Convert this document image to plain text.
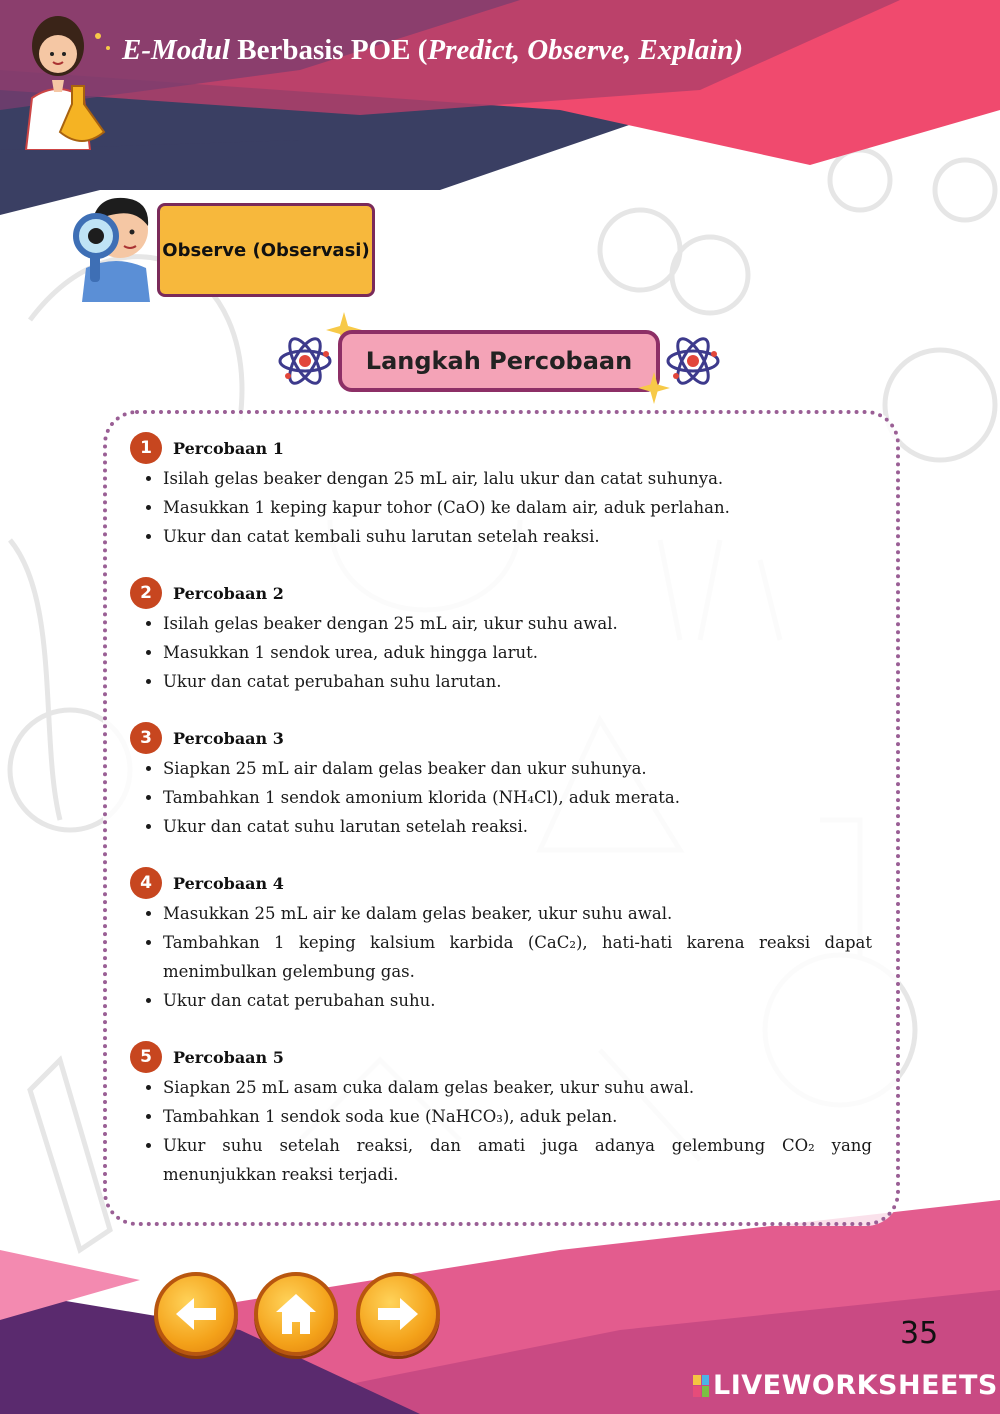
E-Modul Berbasis POE (Predict, Observe, Explain)
Observe (Observasi)
Langkah Percobaan
1	Percobaan 1
• Isilah gelas beaker dengan 25 mL air, lalu ukur dan catat suhunya.
• Masukkan 1 keping kapur tohor (CaO) ke dalam air, aduk perlahan.
• Ukur dan catat kembali suhu larutan setelah reaksi.
2	Percobaan 2
• Isilah gelas beaker dengan 25 mL air, ukur suhu awal.
• Masukkan 1 sendok urea, aduk hingga larut.
• Ukur dan catat perubahan suhu larutan.
3	Percobaan 3
• Siapkan 25 mL air dalam gelas beaker dan ukur suhunya.
• Tambahkan 1 sendok amonium klorida (NH₄Cl), aduk merata.
• Ukur dan catat suhu larutan setelah reaksi.
4	Percobaan 4
• Masukkan 25 mL air ke dalam gelas beaker, ukur suhu awal.
• Tambahkan 1 keping kalsium karbida (CaC₂), hati-hati karena reaksi dapat menimbulkan gelembung gas.
• Ukur dan catat perubahan suhu.
5	Percobaan 5
• Siapkan 25 mL asam cuka dalam gelas beaker, ukur suhu awal.
• Tambahkan 1 sendok soda kue (NaHCO₃), aduk pelan.
• Ukur suhu setelah reaksi, dan amati juga adanya gelembung CO₂ yang menunjukkan reaksi terjadi.
35
LIVEWORKSHEETS
